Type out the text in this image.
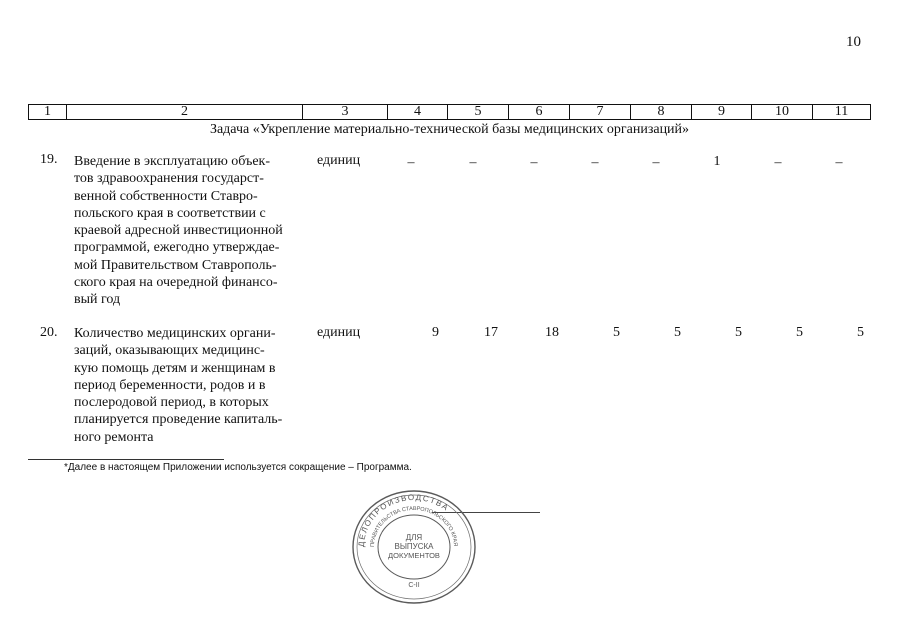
10
1	2	3	4	5	6	7	8	9	10	11
Задача «Укрепление материально-технической базы медицинских организаций»
19. Введение в эксплуатацию объек-
тов здравоохранения государст-
венной собственности Ставро-
польского края в соответствии с
краевой адресной инвестиционной
программой, ежегодно утверждае-
мой Правительством Ставрополь-
ского края на очередной финансо-
вый год
единиц	–	–	–	–	–	1	–	–
20. Количество медицинских органи-
заций, оказывающих медицинс-
кую помощь детям и женщинам в
период беременности, родов и в
послеродовой период, в которых
планируется проведение капиталь-
ного ремонта
единиц	9	17	18	5	5	5	5	5
*Далее в настоящем Приложении используется сокращение – Программа.
ДЕЛОПРОИЗВОДСТВА
ПРАВИТЕЛЬСТВА СТАВРОПОЛЬСКОГО КРАЯ
ДЛЯ
ВЫПУСКА
ДОКУМЕНТОВ
С-II
